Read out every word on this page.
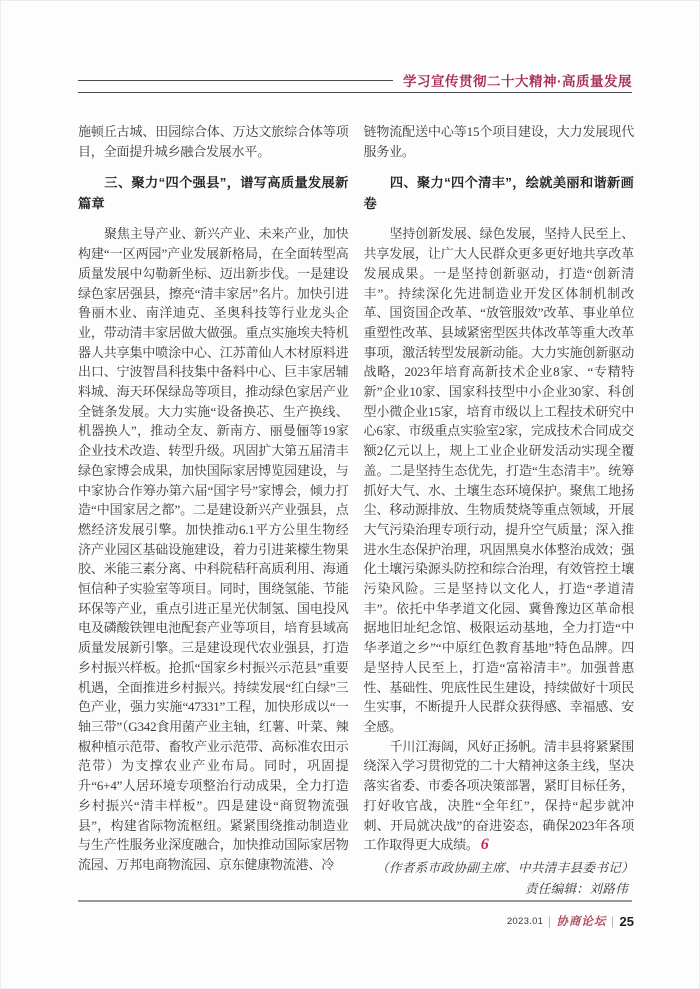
学习宣传贯彻二十大精神·高质量发展

施顿丘古城、田园综合体、万达文旅综合体等项目，全面提升城乡融合发展水平。

三、聚力“四个强县”，谱写高质量发展新篇章

聚焦主导产业、新兴产业、未来产业，加快构建“一区两园”产业发展新格局，在全面转型高质量发展中勾勒新坐标、迈出新步伐。一是建设绿色家居强县，擦亮“清丰家居”名片。加快引进鲁丽木业、南洋迪克、圣奥科技等行业龙头企业，带动清丰家居做大做强。重点实施埃夫特机器人共享集中喷涂中心、江苏莆仙人木材原料进出口、宁波智昌科技集中备料中心、巨丰家居辅料城、海天环保绿岛等项目，推动绿色家居产业全链条发展。大力实施“设备换芯、生产换线、机器换人”，推动全友、新南方、丽曼俪等19家企业技术改造、转型升级。巩固扩大第五届清丰绿色家博会成果，加快国际家居博览园建设，与中家协合作筹办第六届“国字号”家博会，倾力打造“中国家居之都”。二是建设新兴产业强县，点燃经济发展引擎。加快推动6.1平方公里生物经济产业园区基础设施建设，着力引进莱檬生物果胶、米能三素分离、中科院秸秆高质利用、海通恒信种子实验室等项目。同时，围绕氢能、节能环保等产业，重点引进正星光伏制氢、国电投风电及磷酸铁锂电池配套产业等项目，培育县域高质量发展新引擎。三是建设现代农业强县，打造乡村振兴样板。抢抓“国家乡村振兴示范县”重要机遇，全面推进乡村振兴。持续发展“红白绿”三色产业，强力实施“47331”工程，加快形成以“一轴三带”（G342食用菌产业主轴，红薯、叶菜、辣椒种植示范带、畜牧产业示范带、高标准农田示范带）为支撑农业产业布局。同时，巩固提升“6+4”人居环境专项整治行动成果，全力打造乡村振兴“清丰样板”。四是建设“商贸物流强县”，构建省际物流枢纽。紧紧围绕推动制造业与生产性服务业深度融合，加快推动国际家居物流园、万邦电商物流园、京东健康物流港、冷

链物流配送中心等15个项目建设，大力发展现代服务业。

四、聚力“四个清丰”，绘就美丽和谐新画卷

坚持创新发展、绿色发展，坚持人民至上、共享发展，让广大人民群众更多更好地共享改革发展成果。一是坚持创新驱动，打造“创新清丰”。持续深化先进制造业开发区体制机制改革、国资国企改革、“放管服效”改革、事业单位重塑性改革、县域紧密型医共体改革等重大改革事项，激活转型发展新动能。大力实施创新驱动战略，2023年培育高新技术企业8家、“专精特新”企业10家、国家科技型中小企业30家、科创型小微企业15家，培育市级以上工程技术研究中心6家、市级重点实验室2家，完成技术合同成交额2亿元以上，规上工业企业研发活动实现全覆盖。二是坚持生态优先，打造“生态清丰”。统筹抓好大气、水、土壤生态环境保护。聚焦工地扬尘、移动源排放、生物质焚烧等重点领域，开展大气污染治理专项行动，提升空气质量；深入推进水生态保护治理，巩固黑臭水体整治成效；强化土壤污染源头防控和综合治理，有效管控土壤污染风险。三是坚持以文化人，打造“孝道清丰”。依托中华孝道文化园、冀鲁豫边区革命根据地旧址纪念馆、极限运动基地，全力打造“中华孝道之乡”“中原红色教育基地”特色品牌。四是坚持人民至上，打造“富裕清丰”。加强普惠性、基础性、兜底性民生建设，持续做好十项民生实事，不断提升人民群众获得感、幸福感、安全感。

千川江海阔，风好正扬帆。清丰县将紧紧围绕深入学习贯彻党的二十大精神这条主线，坚决落实省委、市委各项决策部署，紧盯目标任务，打好收官战，决胜“全年红”，保持“起步就冲刺、开局就决战”的奋进姿态，确保2023年各项工作取得更大成绩。 6

（作者系市政协副主席、中共清丰县委书记）

责任编辑：刘路伟

2023.01 | 协商论坛 | 25
